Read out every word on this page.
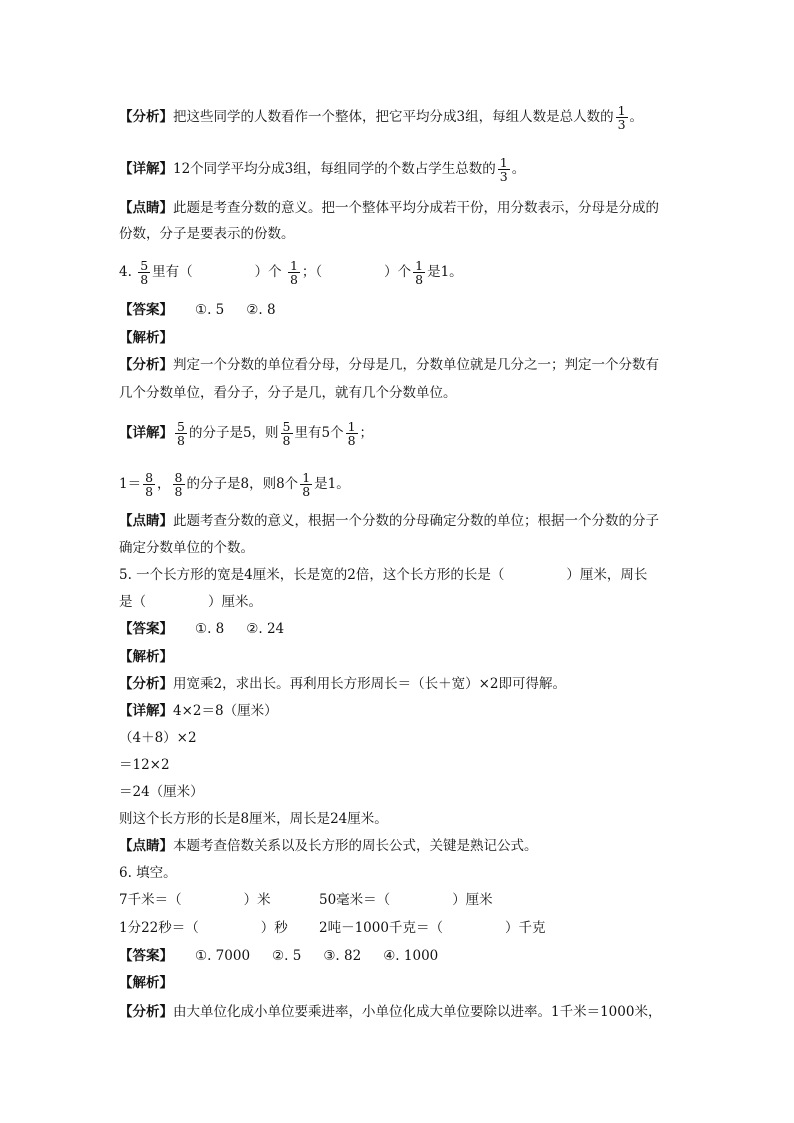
【分析】把这些同学的人数看作一个整体，把它平均分成3组，每组人数是总人数的 $\frac{1}{3}$ 。
【详解】12个同学平均分成3组，每组同学的个数占学生总数的 $\frac{1}{3}$ 。
【点睛】此题是考查分数的意义。把一个整体平均分成若干份，用分数表示，分母是分成的
份数，分子是要表示的份数。
4. $\frac{5}{8}$ 里有（	）个 $\frac{1}{8}$ ；（	）个 $\frac{1}{8}$ 是1。
【答案】 ①. 5 ②. 8
【解析】
【分析】判定一个分数的单位看分母，分母是几，分数单位就是几分之一；判定一个分数有
几个分数单位，看分子，分子是几，就有几个分数单位。
【详解】 $\frac{5}{8}$ 的分子是5，则 $\frac{5}{8}$ 里有5个 $\frac{1}{8}$ ；
$1= \frac{8}{8}$ ， $\frac{8}{8}$ 的分子是8，则8个 $\frac{1}{8}$ 是1。
【点睛】此题考查分数的意义，根据一个分数的分母确定分数的单位；根据一个分数的分子
确定分数单位的个数。
5. 一个长方形的宽是4厘米，长是宽的2倍，这个长方形的长是（	）厘米，周长
是（	）厘米。
【答案】 ①. 8 ②. 24
【解析】
【分析】用宽乘2，求出长。再利用长方形周长＝（长＋宽）×2即可得解。
【详解】4×2＝8（厘米）
（4＋8）×2
＝12×2
＝24（厘米）
则这个长方形的长是8厘米，周长是24厘米。
【点睛】本题考查倍数关系以及长方形的周长公式，关键是熟记公式。
6. 填空。
7千米＝（	）米	50毫米＝（	）厘米
1分22秒＝（	）秒 2吨－1000千克＝（	）千克
【答案】 ①. 7000 ②. 5 ③. 82 ④. 1000
【解析】
【分析】由大单位化成小单位要乘进率，小单位化成大单位要除以进率。1千米＝1000米，
